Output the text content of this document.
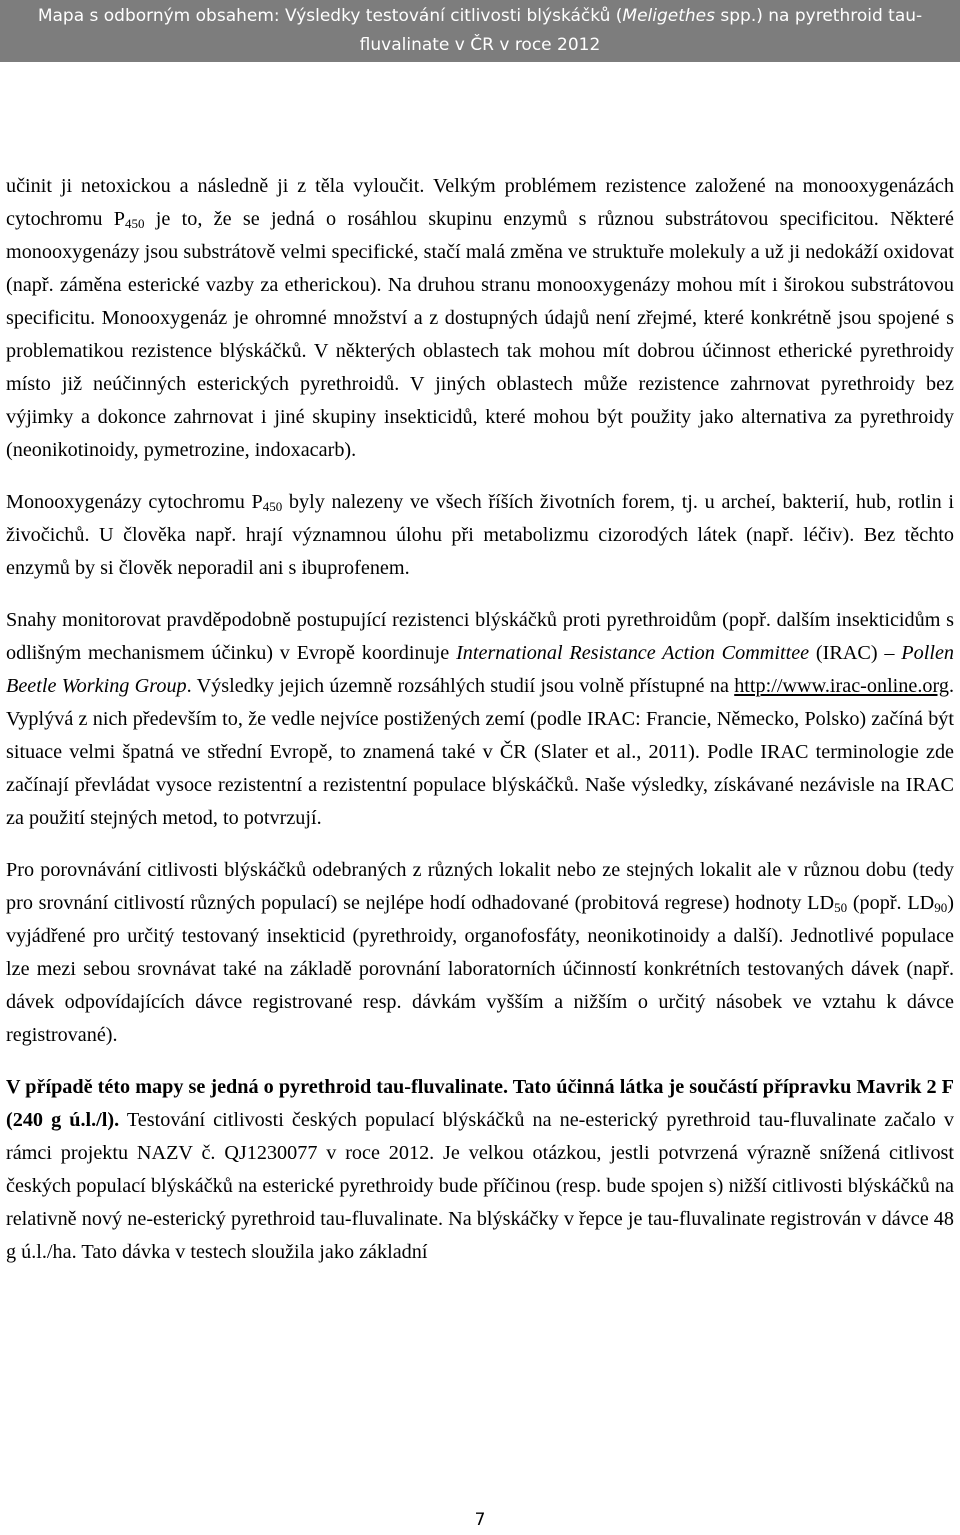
Mapa s odborným obsahem: Výsledky testování citlivosti blýskáčků (Meligethes spp.) na pyrethroid tau-
fluvalinate v ČR v roce 2012

učinit ji netoxickou a následně ji z těla vyloučit. Velkým problémem rezistence založené na monooxygenázách cytochromu $P_{450}$ je to, že se jedná o rosáhlou skupinu enzymů s různou substrátovou specificitou. Některé monooxygenázy jsou substrátově velmi specifické, stačí malá změna ve struktuře molekuly a už ji nedokáží oxidovat (např. záměna esterické vazby za etherickou). Na druhou stranu monooxygenázy mohou mít i širokou substrátovou specificitu. Monooxygenáz je ohromné množství a z dostupných údajů není zřejmé, které konkrétně jsou spojené s problematikou rezistence blýskáčků. V některých oblastech tak mohou mít dobrou účinnost etherické pyrethroidy místo již neúčinných esterických pyrethroidů. V jiných oblastech může rezistence zahrnovat pyrethroidy bez výjimky a dokonce zahrnovat i jiné skupiny insekticidů, které mohou být použity jako alternativa za pyrethroidy (neonikotinoidy, pymetrozine, indoxacarb).

Monooxygenázy cytochromu $P_{450}$ byly nalezeny ve všech říších životních forem, tj. u archeí, bakterií, hub, rotlin i živočichů. U člověka např. hrají významnou úlohu při metabolizmu cizorodých látek (např. léčiv). Bez těchto enzymů by si člověk neporadil ani s ibuprofenem.

Snahy monitorovat pravděpodobně postupující rezistenci blýskáčků proti pyrethroidům (popř. dalším insekticidům s odlišným mechanismem účinku) v Evropě koordinuje International Resistance Action Committee (IRAC) – Pollen Beetle Working Group. Výsledky jejich územně rozsáhlých studií jsou volně přístupné na http://www.irac-online.org. Vyplývá z nich především to, že vedle nejvíce postižených zemí (podle IRAC: Francie, Německo, Polsko) začíná být situace velmi špatná ve střední Evropě, to znamená také v ČR (Slater et al., 2011). Podle IRAC terminologie zde začínají převládat vysoce rezistentní a rezistentní populace blýskáčků. Naše výsledky, získávané nezávisle na IRAC za použití stejných metod, to potvrzují.

Pro porovnávání citlivosti blýskáčků odebraných z různých lokalit nebo ze stejných lokalit ale v různou dobu (tedy pro srovnání citlivostí různých populací) se nejlépe hodí odhadované (probitová regrese) hodnoty $LD_{50}$ (popř. $LD_{90}$) vyjádřené pro určitý testovaný insekticid (pyrethroidy, organofosfáty, neonikotinoidy a další). Jednotlivé populace lze mezi sebou srovnávat také na základě porovnání laboratorních účinností konkrétních testovaných dávek (např. dávek odpovídajících dávce registrované resp. dávkám vyšším a nižším o určitý násobek ve vztahu k dávce registrované).

V případě této mapy se jedná o pyrethroid tau-fluvalinate. Tato účinná látka je součástí přípravku Mavrik 2 F (240 g ú.l./l). Testování citlivosti českých populací blýskáčků na ne-esterický pyrethroid tau-fluvalinate začalo v rámci projektu NAZV č. QJ1230077 v roce 2012. Je velkou otázkou, jestli potvrzená výrazně snížená citlivost českých populací blýskáčků na esterické pyrethroidy bude příčinou (resp. bude spojen s) nižší citlivosti blýskáčků na relativně nový ne-esterický pyrethroid tau-fluvalinate. Na blýskáčky v řepce je tau-fluvalinate registrován v dávce 48 g ú.l./ha. Tato dávka v testech sloužila jako základní

7
